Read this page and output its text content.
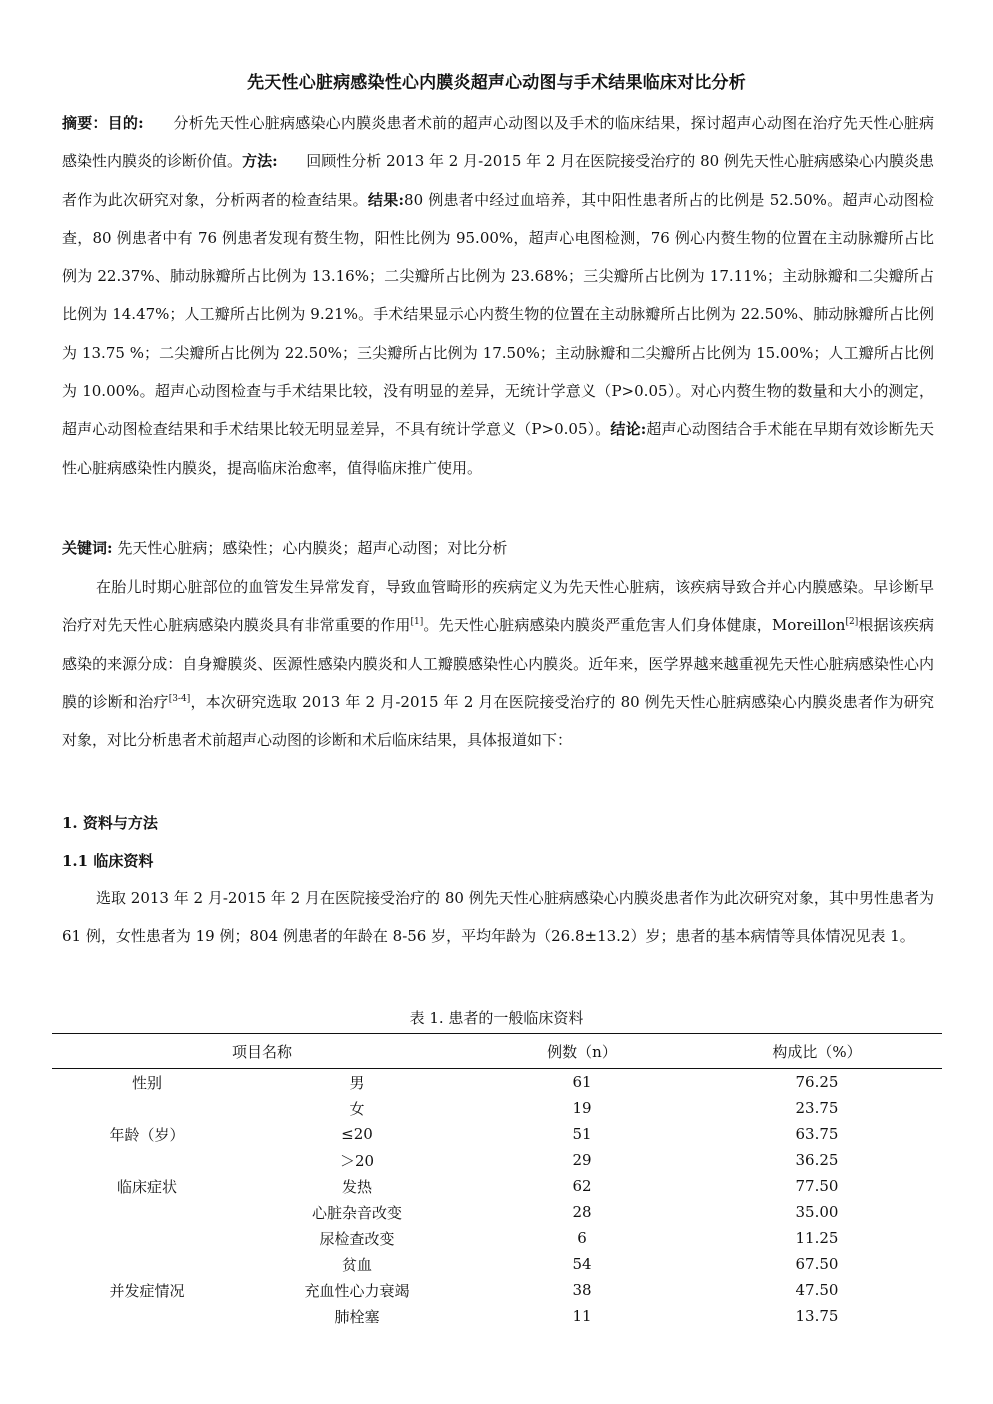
先天性心脏病感染性心内膜炎超声心动图与手术结果临床对比分析

摘要：目的: 分析先天性心脏病感染心内膜炎患者术前的超声心动图以及手术的临床结果，探讨超声心动图在治疗先天性心脏病感染性内膜炎的诊断价值。方法: 回顾性分析 2013 年 2 月-2015 年 2 月在医院接受治疗的 80 例先天性心脏病感染心内膜炎患者作为此次研究对象，分析两者的检查结果。结果:80 例患者中经过血培养，其中阳性患者所占的比例是 52.50%。超声心动图检查，80 例患者中有 76 例患者发现有赘生物，阳性比例为 95.00%，超声心电图检测，76 例心内赘生物的位置在主动脉瓣所占比例为 22.37%、肺动脉瓣所占比例为 13.16%；二尖瓣所占比例为 23.68%；三尖瓣所占比例为 17.11%；主动脉瓣和二尖瓣所占比例为 14.47%；人工瓣所占比例为 9.21%。手术结果显示心内赘生物的位置在主动脉瓣所占比例为 22.50%、肺动脉瓣所占比例为 13.75 %；二尖瓣所占比例为 22.50%；三尖瓣所占比例为 17.50%；主动脉瓣和二尖瓣所占比例为 15.00%；人工瓣所占比例为 10.00%。超声心动图检查与手术结果比较，没有明显的差异，无统计学意义（P>0.05）。对心内赘生物的数量和大小的测定，超声心动图检查结果和手术结果比较无明显差异，不具有统计学意义（P>0.05）。结论:超声心动图结合手术能在早期有效诊断先天性心脏病感染性内膜炎，提高临床治愈率，值得临床推广使用。

关键词: 先天性心脏病；感染性；心内膜炎；超声心动图；对比分析

在胎儿时期心脏部位的血管发生异常发育，导致血管畸形的疾病定义为先天性心脏病，该疾病导致合并心内膜感染。早诊断早治疗对先天性心脏病感染内膜炎具有非常重要的作用[1]。先天性心脏病感染内膜炎严重危害人们身体健康，Moreillon[2]根据该疾病感染的来源分成：自身瓣膜炎、医源性感染内膜炎和人工瓣膜感染性心内膜炎。近年来，医学界越来越重视先天性心脏病感染性心内膜的诊断和治疗[3-4]，本次研究选取 2013 年 2 月-2015 年 2 月在医院接受治疗的 80 例先天性心脏病感染心内膜炎患者作为研究对象，对比分析患者术前超声心动图的诊断和术后临床结果，具体报道如下：

1. 资料与方法
1.1 临床资料

选取 2013 年 2 月-2015 年 2 月在医院接受治疗的 80 例先天性心脏病感染心内膜炎患者作为此次研究对象，其中男性患者为 61 例，女性患者为 19 例；804 例患者的年龄在 8-56 岁，平均年龄为（26.8±13.2）岁；患者的基本病情等具体情况见表 1。

表 1. 患者的一般临床资料
项目名称		例数（n）	构成比（%）
性别	男	61	76.25
	女	19	23.75
年龄（岁）	≤20	51	63.75
	＞20	29	36.25
临床症状	发热	62	77.50
	心脏杂音改变	28	35.00
	尿检查改变	6	11.25
	贫血	54	67.50
并发症情况	充血性心力衰竭	38	47.50
	肺栓塞	11	13.75
